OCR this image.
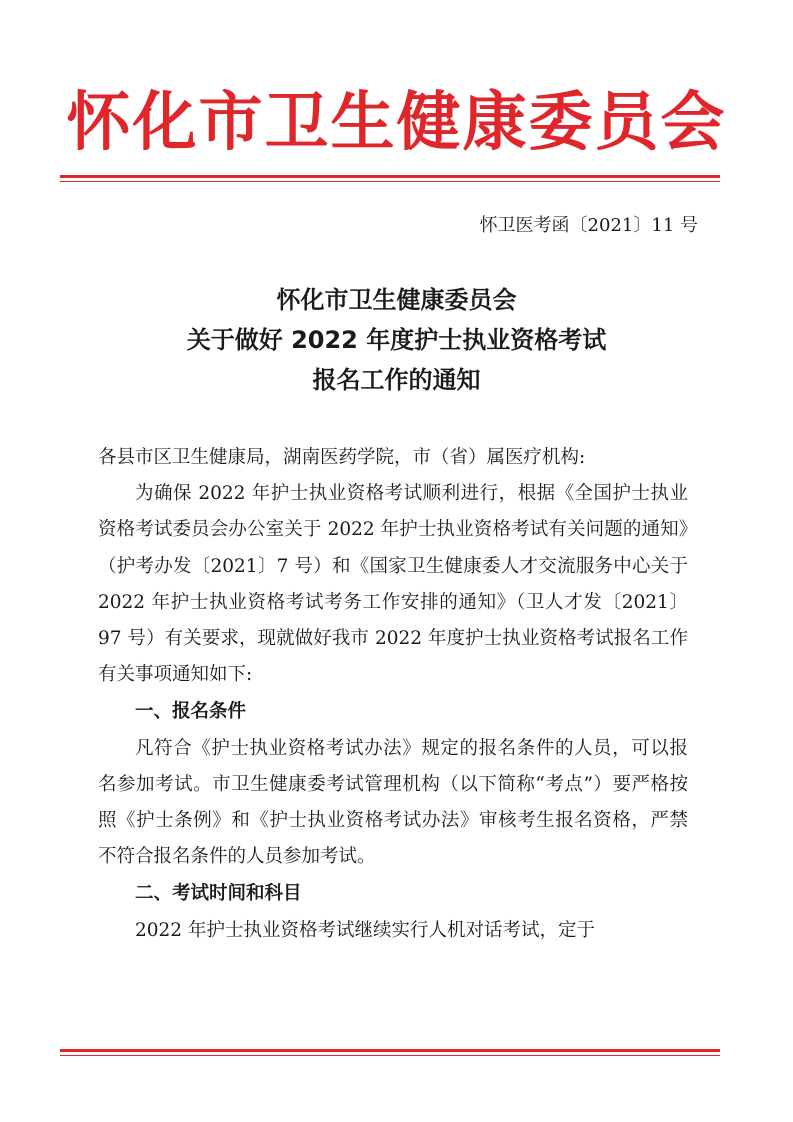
怀化市卫生健康委员会
怀卫医考函〔2021〕11 号
怀化市卫生健康委员会
关于做好 2022 年度护士执业资格考试
报名工作的通知

各县市区卫生健康局，湖南医药学院，市（省）属医疗机构:

为确保 2022 年护士执业资格考试顺利进行，根据《全国护士执业资格考试委员会办公室关于 2022 年护士执业资格考试有关问题的通知》（护考办发〔2021〕7 号）和《国家卫生健康委人才交流服务中心关于 2022 年护士执业资格考试考务工作安排的通知》（卫人才发〔2021〕97 号）有关要求，现就做好我市 2022 年度护士执业资格考试报名工作有关事项通知如下:

一、报名条件

凡符合《护士执业资格考试办法》规定的报名条件的人员，可以报名参加考试。市卫生健康委考试管理机构（以下简称“考点”）要严格按照《护士条例》和《护士执业资格考试办法》审核考生报名资格，严禁不符合报名条件的人员参加考试。

二、考试时间和科目

2022 年护士执业资格考试继续实行人机对话考试，定于
